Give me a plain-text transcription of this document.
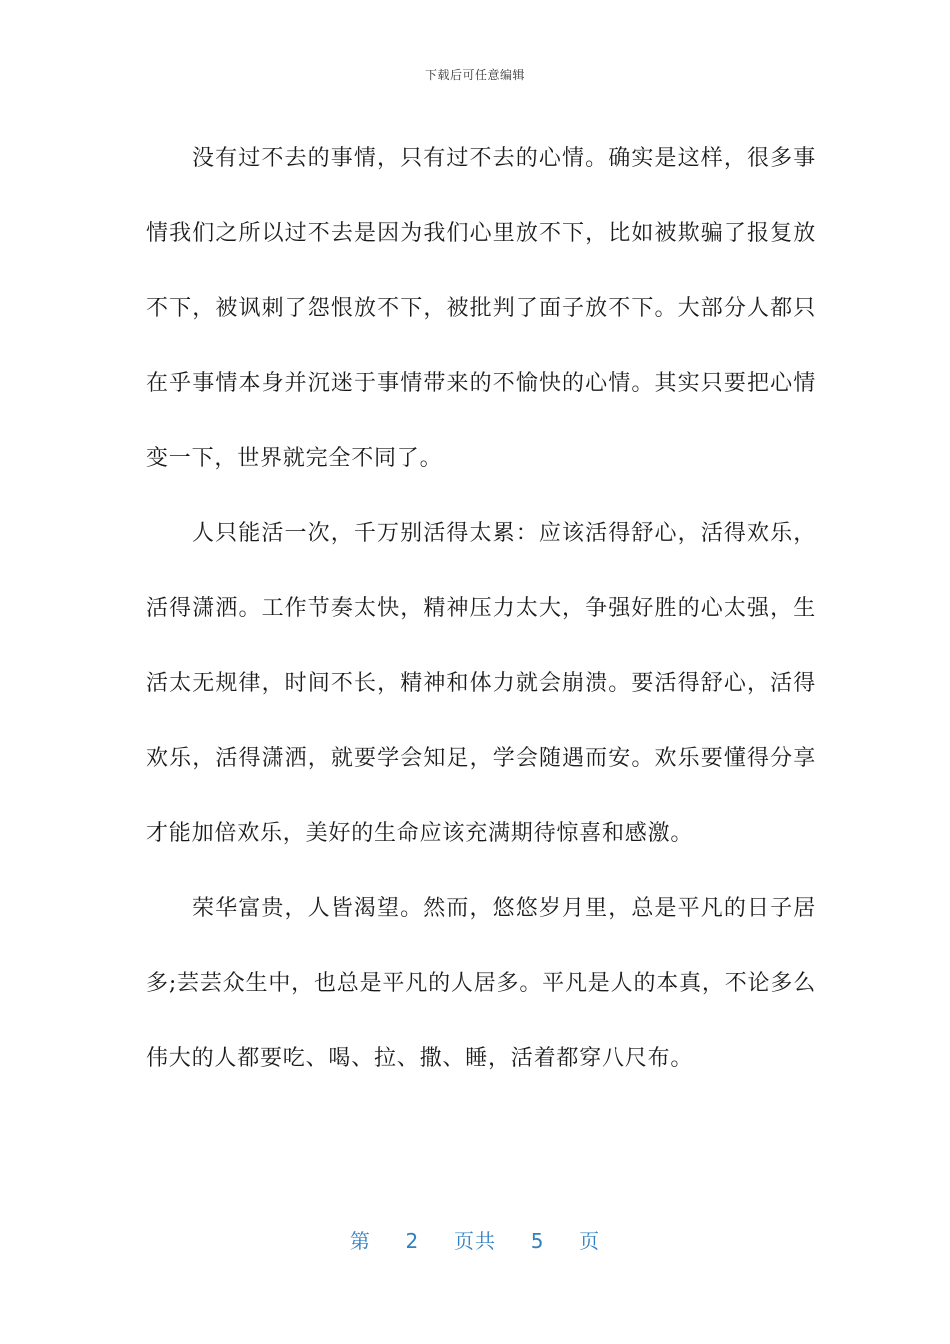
下载后可任意编辑

没有过不去的事情，只有过不去的心情。确实是这样，很多事情我们之所以过不去是因为我们心里放不下，比如被欺骗了报复放不下，被讽刺了怨恨放不下，被批判了面子放不下。大部分人都只在乎事情本身并沉迷于事情带来的不愉快的心情。其实只要把心情变一下，世界就完全不同了。

人只能活一次，千万别活得太累：应该活得舒心，活得欢乐，活得潇洒。工作节奏太快，精神压力太大，争强好胜的心太强，生活太无规律，时间不长，精神和体力就会崩溃。要活得舒心，活得欢乐，活得潇洒，就要学会知足，学会随遇而安。欢乐要懂得分享才能加倍欢乐，美好的生命应该充满期待惊喜和感激。

荣华富贵，人皆渴望。然而，悠悠岁月里，总是平凡的日子居多;芸芸众生中，也总是平凡的人居多。平凡是人的本真，不论多么伟大的人都要吃、喝、拉、撒、睡，活着都穿八尺布。

第 2 页共 5 页
